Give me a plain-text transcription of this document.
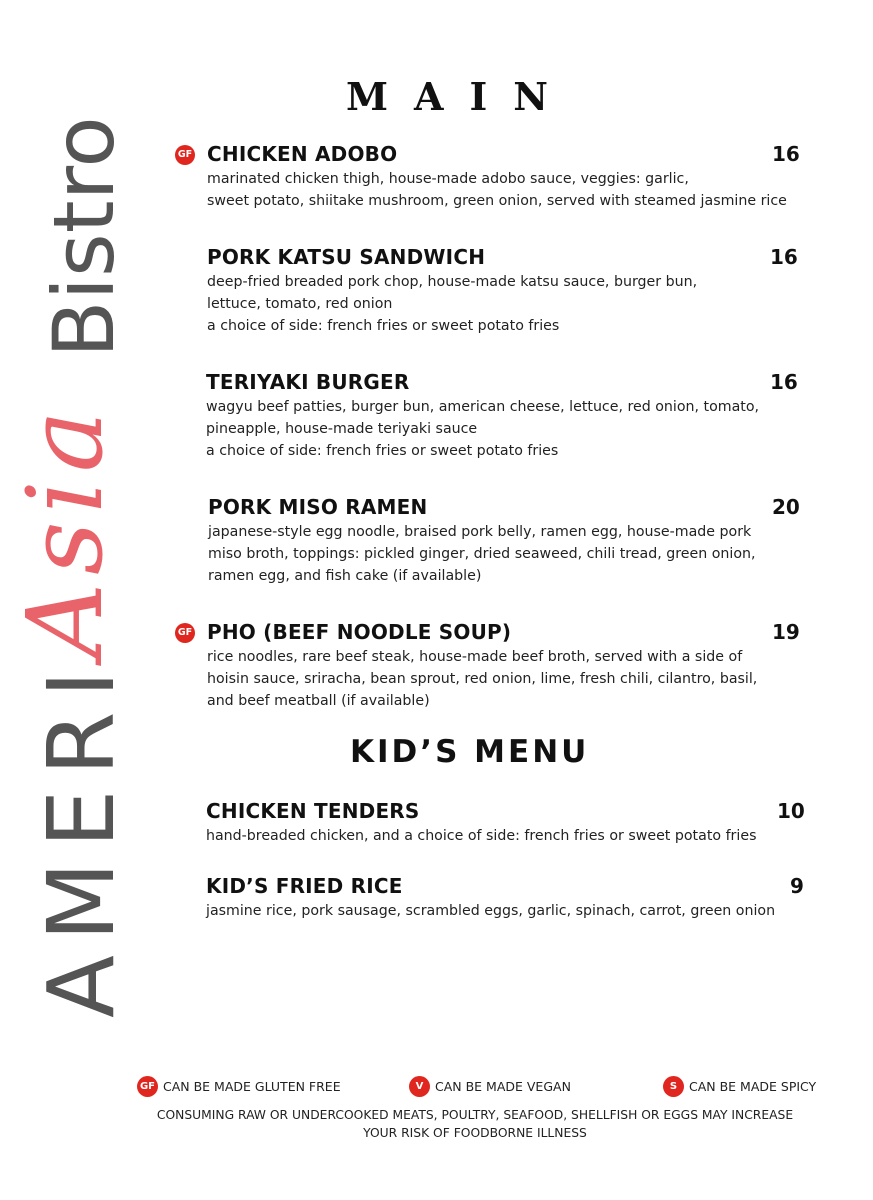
AMERI
Asia
Bistro
MAIN
GF CHICKEN ADOBO	16
marinated chicken thigh, house-made adobo sauce, veggies: garlic,
sweet potato, shiitake mushroom, green onion, served with steamed jasmine rice
PORK KATSU SANDWICH	16
deep-fried breaded pork chop, house-made katsu sauce, burger bun,
lettuce, tomato, red onion
a choice of side: french fries or sweet potato fries
TERIYAKI BURGER	16
wagyu beef patties, burger bun, american cheese, lettuce, red onion, tomato,
pineapple, house-made teriyaki sauce
a choice of side: french fries or sweet potato fries
PORK MISO RAMEN	20
japanese-style egg noodle, braised pork belly, ramen egg, house-made pork
miso broth, toppings: pickled ginger, dried seaweed, chili tread, green onion,
ramen egg, and fish cake (if available)
GF PHO (BEEF NOODLE SOUP)	19
rice noodles, rare beef steak, house-made beef broth, served with a side of
hoisin sauce, sriracha, bean sprout, red onion, lime, fresh chili, cilantro, basil,
and beef meatball (if available)
KID’S MENU
CHICKEN TENDERS	10
hand-breaded chicken, and a choice of side: french fries or sweet potato fries
KID’S FRIED RICE	9
jasmine rice, pork sausage, scrambled eggs, garlic, spinach, carrot, green onion
GF CAN BE MADE GLUTEN FREE	V CAN BE MADE VEGAN	S CAN BE MADE SPICY
CONSUMING RAW OR UNDERCOOKED MEATS, POULTRY, SEAFOOD, SHELLFISH OR EGGS MAY INCREASE
YOUR RISK OF FOODBORNE ILLNESS
